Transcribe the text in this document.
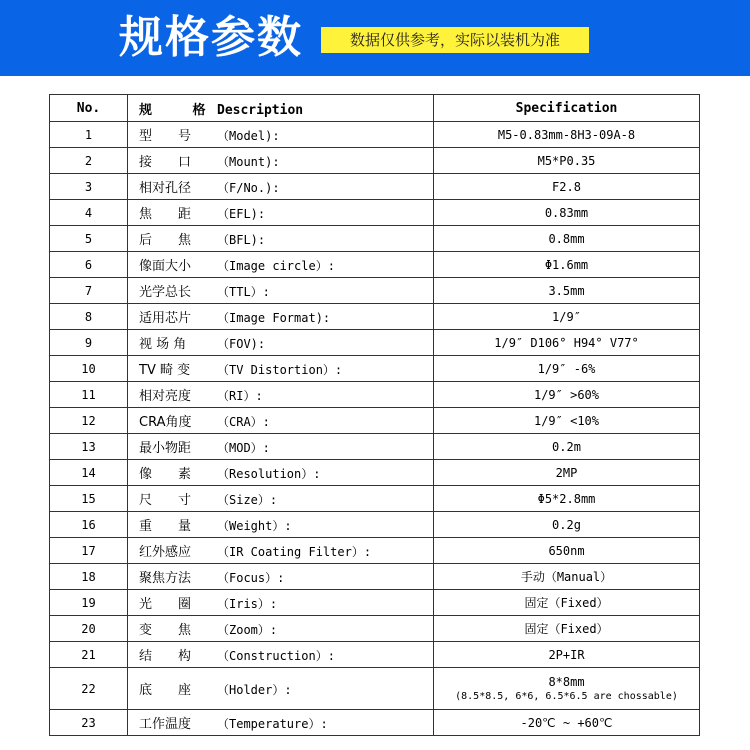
规格参数	数据仅供参考，实际以装机为准
No.	规 格Description	Specification
1	型　　号 （Model):	M5-0.83mm-8H3-09A-8
2	接　　口 （Mount):	M5*P0.35
3	相对孔径 （F/No.):	F2.8
4	焦　　距 （EFL):	0.83mm
5	后　　焦 （BFL):	0.8mm
6	像面大小 （Image circle）:	Φ1.6mm
7	光学总长 （TTL）:	3.5mm
8	适用芯片 （Image Format):	1/9″
9	视 场 角 （FOV):	1/9″ D106° H94° V77°
10	TV 畸 变 （TV Distortion）:	1/9″ -6%
11	相对亮度 （RI）:	1/9″ >60%
12	CRA角度 （CRA）:	1/9″ <10%
13	最小物距 （MOD）:	0.2m
14	像　　素 （Resolution）:	2MP
15	尺　　寸 （Size）:	Φ5*2.8mm
16	重　　量 （Weight）:	0.2g
17	红外感应 （IR Coating Filter）:	650nm
18	聚焦方法 （Focus）:	手动（Manual）
19	光　　圈 （Iris）:	固定（Fixed）
20	变　　焦 （Zoom）:	固定（Fixed）
21	结　　构 （Construction）:	2P+IR
22	底　　座 （Holder）:	8*8mm
(8.5*8.5, 6*6, 6.5*6.5 are chossable)

23	工作温度 （Temperature）:	-20℃ ~ +60℃
